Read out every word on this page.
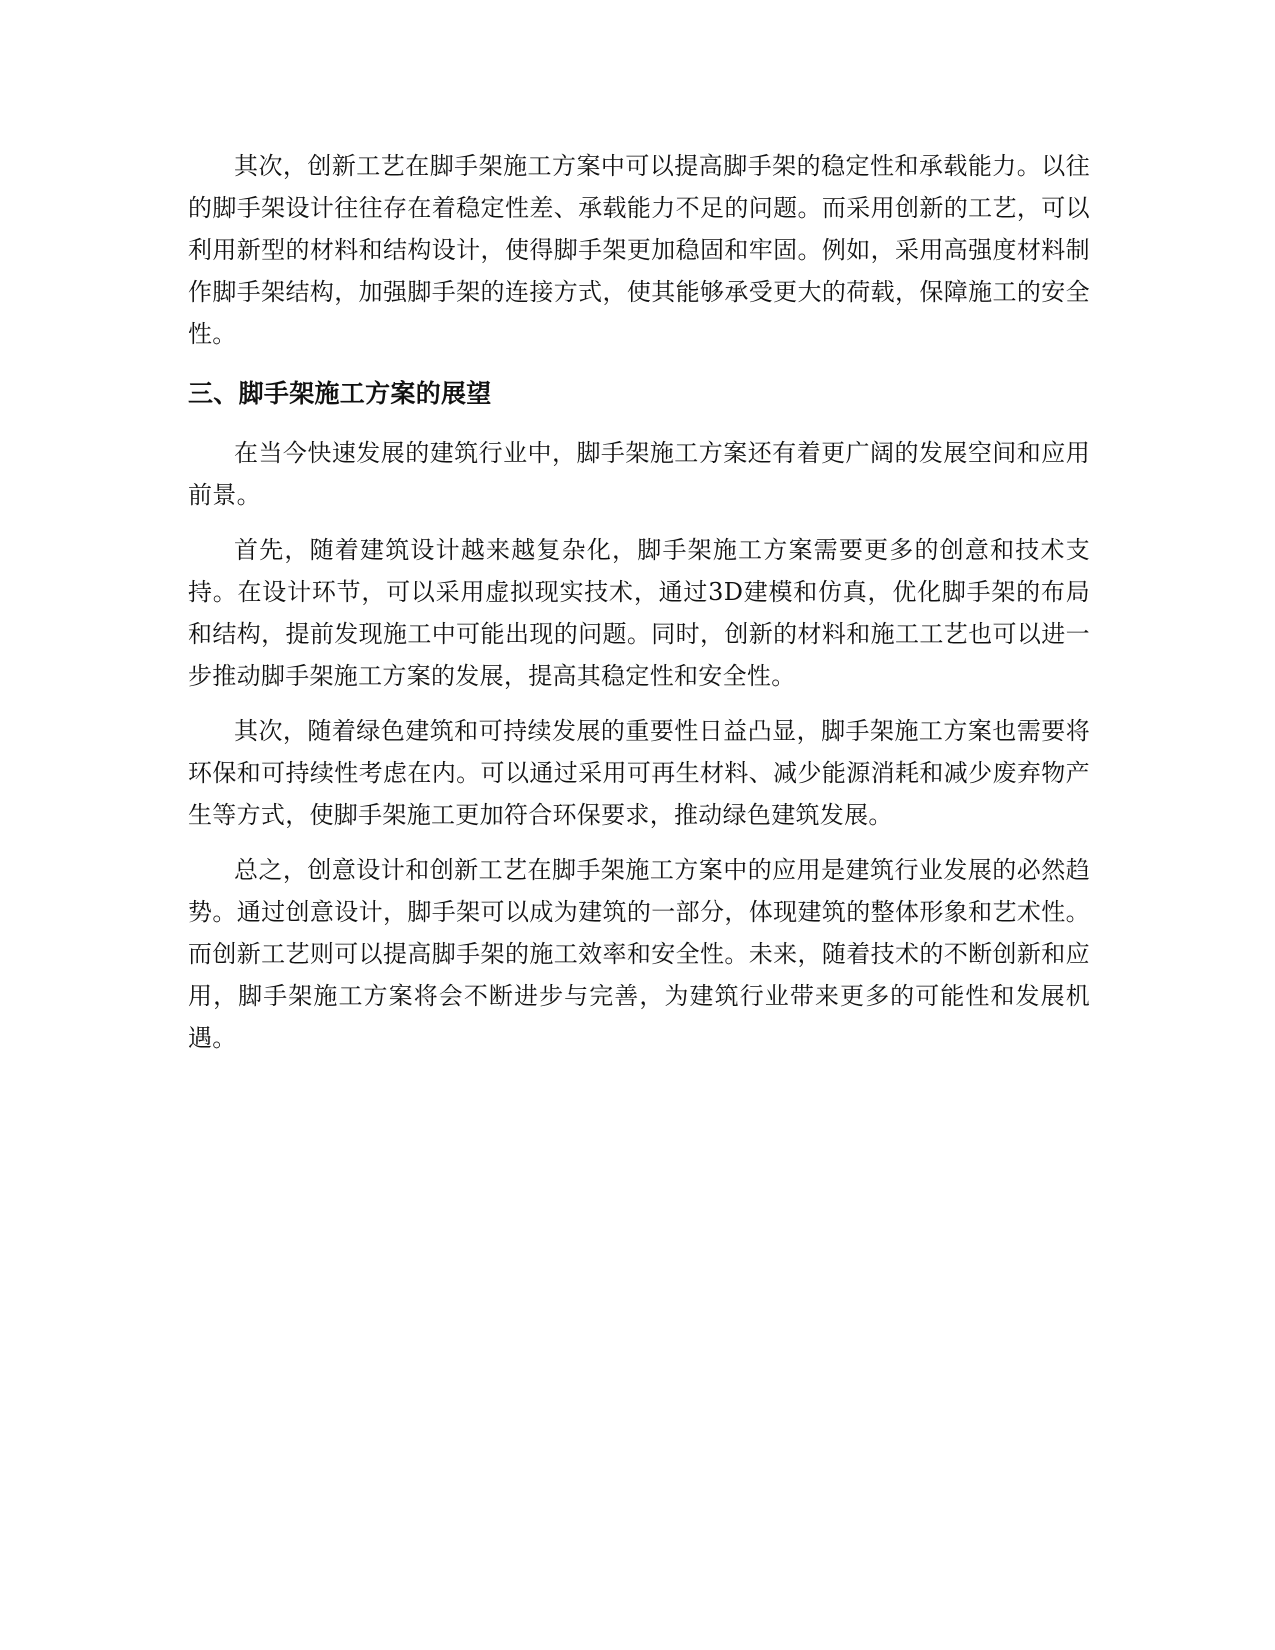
其次，创新工艺在脚手架施工方案中可以提高脚手架的稳定性和承载能力。以往的脚手架设计往往存在着稳定性差、承载能力不足的问题。而采用创新的工艺，可以利用新型的材料和结构设计，使得脚手架更加稳固和牢固。例如，采用高强度材料制作脚手架结构，加强脚手架的连接方式，使其能够承受更大的荷载，保障施工的安全性。

三、脚手架施工方案的展望

在当今快速发展的建筑行业中，脚手架施工方案还有着更广阔的发展空间和应用前景。

首先，随着建筑设计越来越复杂化，脚手架施工方案需要更多的创意和技术支持。在设计环节，可以采用虚拟现实技术，通过3D建模和仿真，优化脚手架的布局和结构，提前发现施工中可能出现的问题。同时，创新的材料和施工工艺也可以进一步推动脚手架施工方案的发展，提高其稳定性和安全性。

其次，随着绿色建筑和可持续发展的重要性日益凸显，脚手架施工方案也需要将环保和可持续性考虑在内。可以通过采用可再生材料、减少能源消耗和减少废弃物产生等方式，使脚手架施工更加符合环保要求，推动绿色建筑发展。

总之，创意设计和创新工艺在脚手架施工方案中的应用是建筑行业发展的必然趋势。通过创意设计，脚手架可以成为建筑的一部分，体现建筑的整体形象和艺术性。而创新工艺则可以提高脚手架的施工效率和安全性。未来，随着技术的不断创新和应用，脚手架施工方案将会不断进步与完善，为建筑行业带来更多的可能性和发展机遇。
